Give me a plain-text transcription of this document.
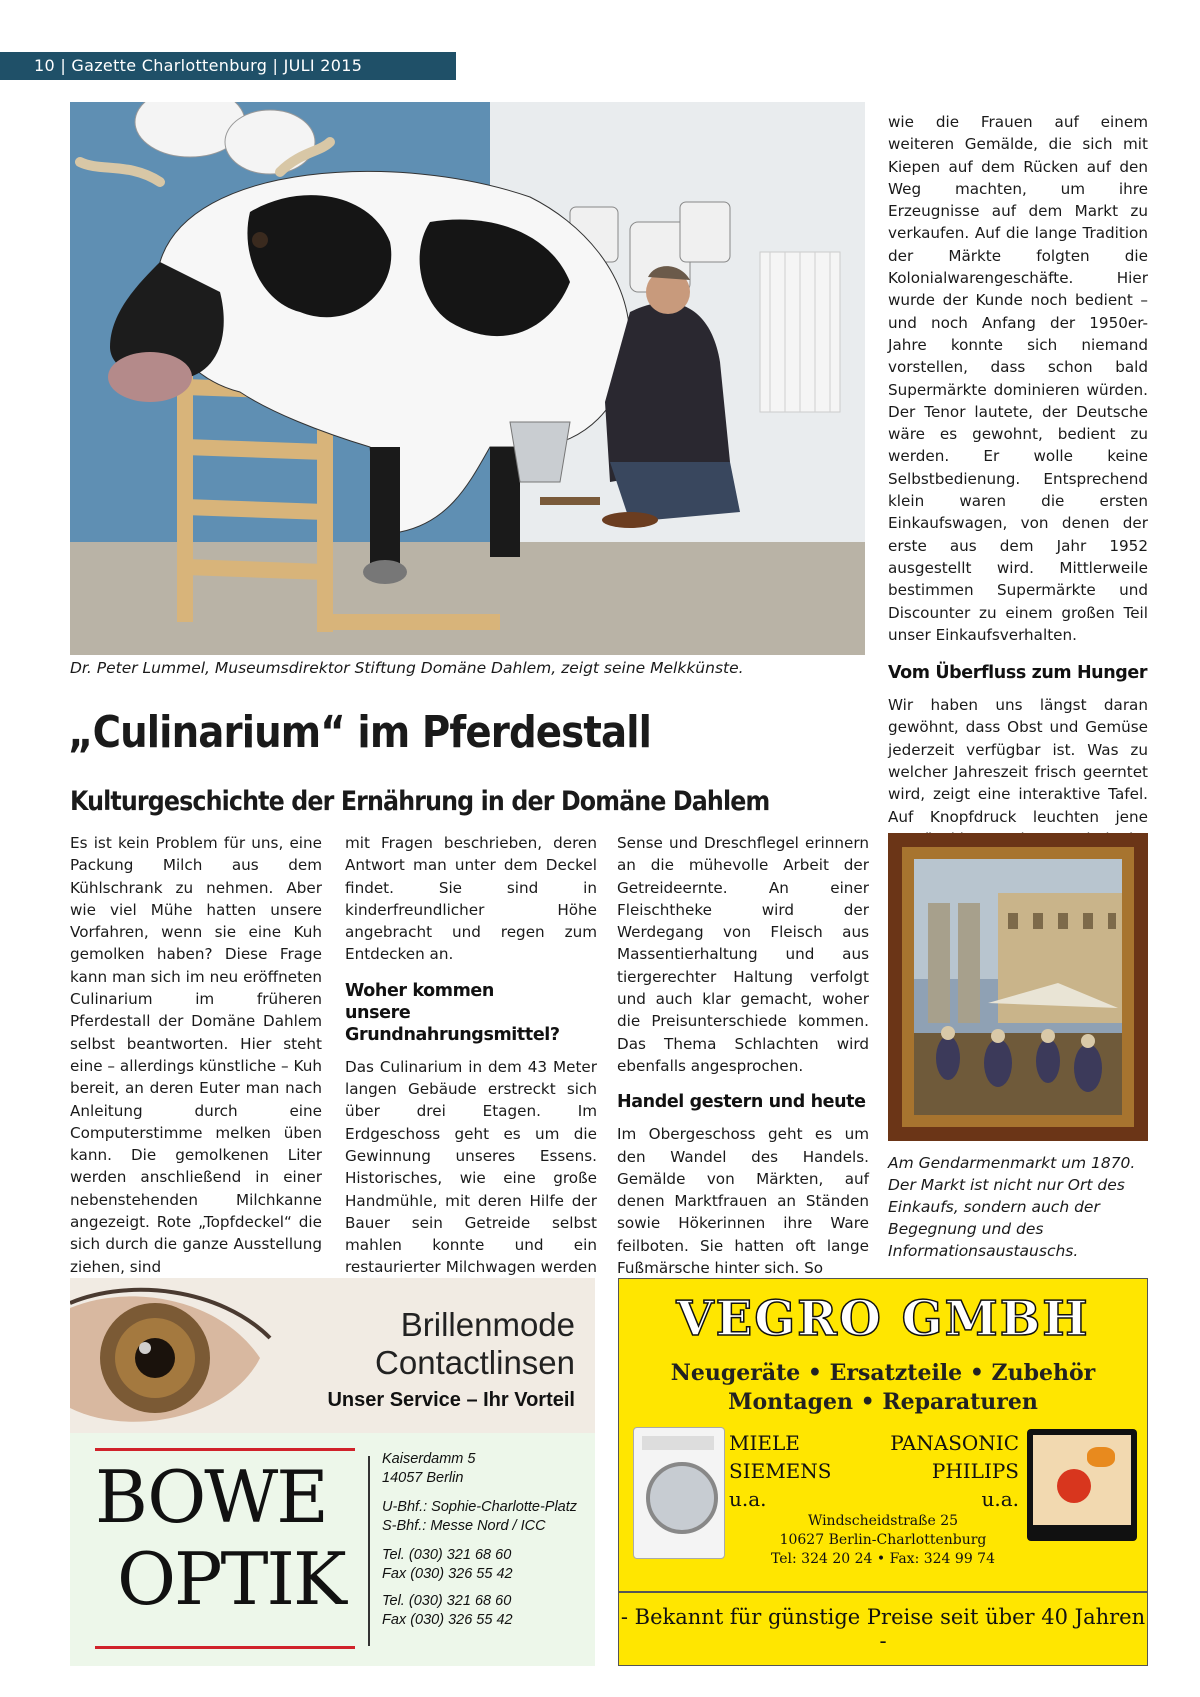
10 | Gazette Charlottenburg | JULI 2015
Dr. Peter Lummel, Museumsdirektor Stiftung Domäne Dahlem, zeigt seine Melkkünste.
„Culinarium“ im Pferdestall
Kulturgeschichte der Ernährung in der Domäne Dahlem
Es ist kein Problem für uns, eine Packung Milch aus dem Kühlschrank zu nehmen. Aber wie viel Mühe hatten unsere Vorfahren, wenn sie eine Kuh gemolken haben? Diese Frage kann man sich im neu eröffneten Culinarium im früheren Pferdestall der Domäne Dahlem selbst beantworten. Hier steht eine – allerdings künstliche – Kuh bereit, an deren Euter man nach Anleitung durch eine Computerstimme melken üben kann. Die gemolkenen Liter werden anschließend in einer nebenstehenden Milchkanne angezeigt. Rote „Topfdeckel“ die sich durch die ganze Ausstellung ziehen, sind
mit Fragen beschrieben, deren Antwort man unter dem Deckel findet. Sie sind in kinderfreundlicher Höhe angebracht und regen zum Entdecken an.
Woher kommen unsere Grundnahrungsmittel?
Das Culinarium in dem 43 Meter langen Gebäude erstreckt sich über drei Etagen. Im Erdgeschoss geht es um die Gewinnung unseres Essens. Historisches, wie eine große Handmühle, mit deren Hilfe der Bauer sein Getreide selbst mahlen konnte und ein restaurierter Milchwagen werden
Sense und Dreschflegel erinnern an die mühevolle Arbeit der Getreideernte. An einer Fleischtheke wird der Werdegang von Fleisch aus Massentierhaltung und aus tiergerechter Haltung verfolgt und auch klar gemacht, woher die Preisunterschiede kommen. Das Thema Schlachten wird ebenfalls angesprochen.
Handel gestern und heute
Im Obergeschoss geht es um den Wandel des Handels. Gemälde von Märkten, auf denen Marktfrauen an Ständen sowie Hökerinnen ihre Ware feilboten. Sie hatten oft lange Fußmärsche hinter sich. So
wie die Frauen auf einem weiteren Gemälde, die sich mit Kiepen auf dem Rücken auf den Weg machten, um ihre Erzeugnisse auf dem Markt zu verkaufen. Auf die lange Tradition der Märkte folgten die Kolonialwarengeschäfte. Hier wurde der Kunde noch bedient – und noch Anfang der 1950er-Jahre konnte sich niemand vorstellen, dass schon bald Supermärkte dominieren würden. Der Tenor lautete, der Deutsche wäre es gewohnt, bedient zu werden. Er wolle keine Selbstbedienung. Entsprechend klein waren die ersten Einkaufswagen, von denen der erste aus dem Jahr 1952 ausgestellt wird. Mittlerweile bestimmen Supermärkte und Discounter zu einem großen Teil unser Einkaufsverhalten.
Vom Überfluss zum Hunger
Wir haben uns längst daran gewöhnt, dass Obst und Gemüse jederzeit verfügbar ist. Was zu welcher Jahreszeit frisch geerntet wird, zeigt eine interaktive Tafel. Auf Knopfdruck leuchten jene
Am Gendarmenmarkt um 1870. Der Markt ist nicht nur Ort des Einkaufs, sondern auch der Begegnung und des Informationsaustauschs.
Brillenmode
Contactlinsen
Unser Service – Ihr Vorteil
BOWE
OPTIK
Kaiserdamm 5
14057 Berlin
U-Bhf.: Sophie-Charlotte-Platz
S-Bhf.: Messe Nord / ICC
Tel. (030) 321 68 60
Fax (030) 326 55 42
Tel. (030) 321 68 60
Fax (030) 326 55 42
VEGRO GMBH
Neugeräte • Ersatzteile • Zubehör
Montagen • Reparaturen
MIELE	PANASONIC
SIEMENS	PHILIPS
u.a.	u.a.
Windscheidstraße 25
10627 Berlin-Charlottenburg
Tel: 324 20 24 • Fax: 324 99 74
- Bekannt für günstige Preise seit über 40 Jahren -
